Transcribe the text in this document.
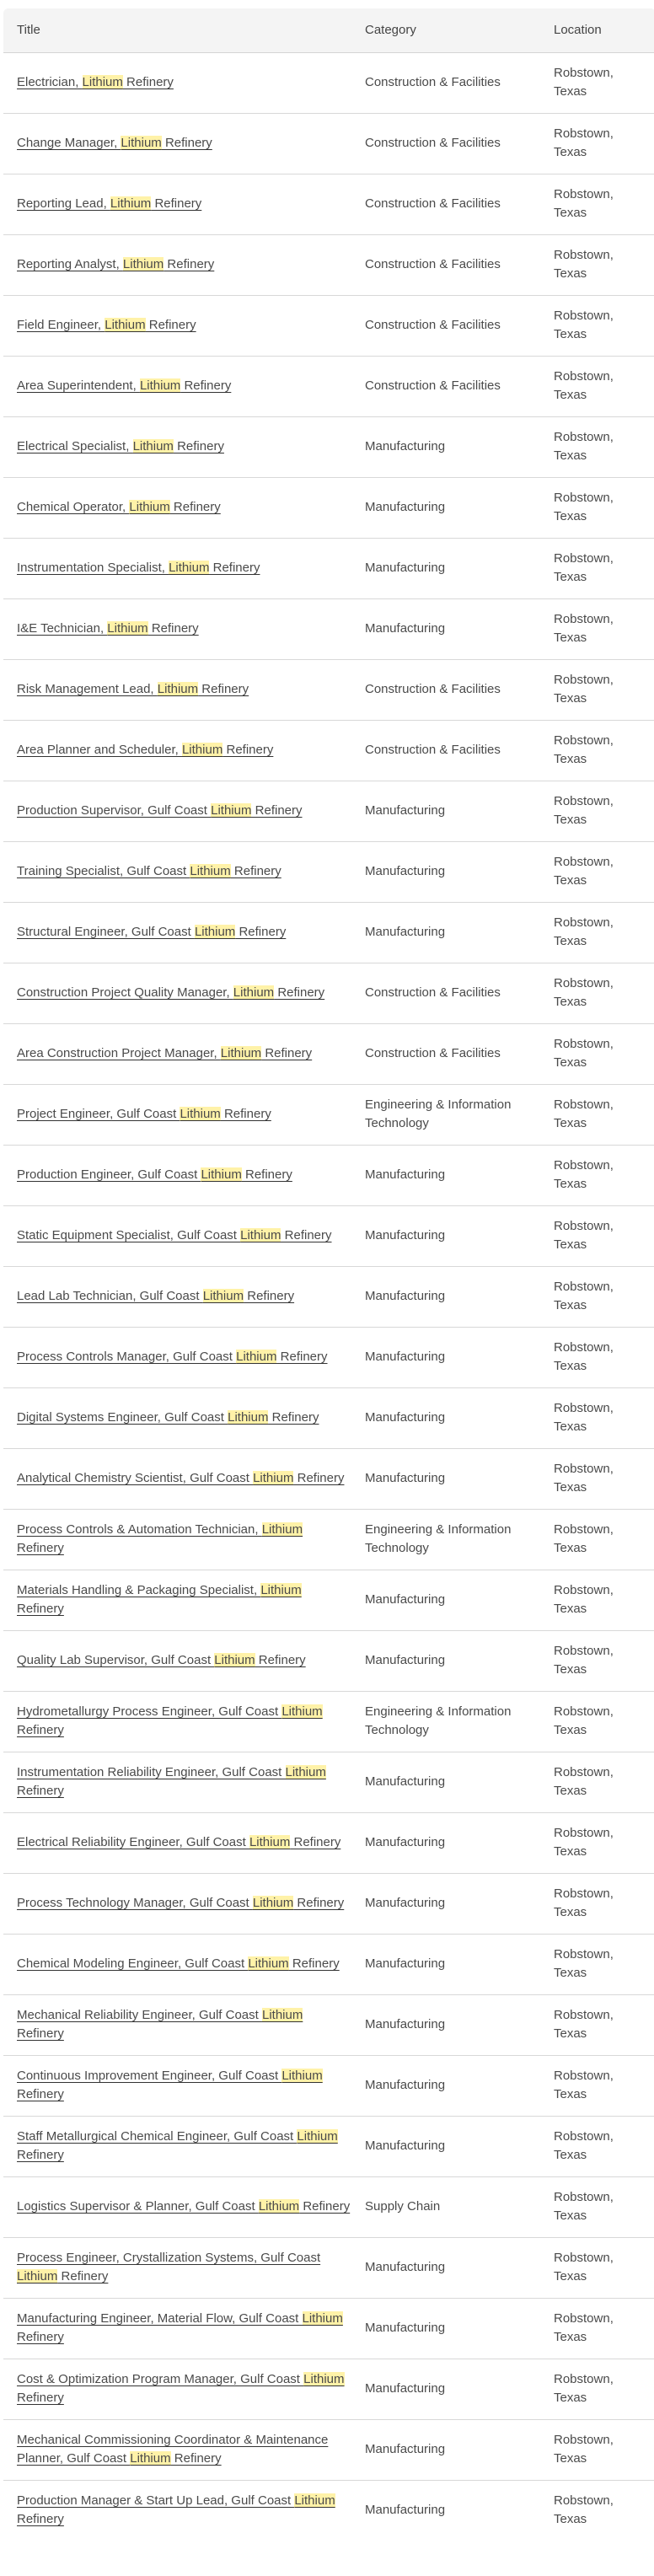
Title	Category	Location
Electrician, Lithium Refinery	Construction & Facilities	Robstown, Texas
Change Manager, Lithium Refinery	Construction & Facilities	Robstown, Texas
Reporting Lead, Lithium Refinery	Construction & Facilities	Robstown, Texas
Reporting Analyst, Lithium Refinery	Construction & Facilities	Robstown, Texas
Field Engineer, Lithium Refinery	Construction & Facilities	Robstown, Texas
Area Superintendent, Lithium Refinery	Construction & Facilities	Robstown, Texas
Electrical Specialist, Lithium Refinery	Manufacturing	Robstown, Texas
Chemical Operator, Lithium Refinery	Manufacturing	Robstown, Texas
Instrumentation Specialist, Lithium Refinery	Manufacturing	Robstown, Texas
I&E Technician, Lithium Refinery	Manufacturing	Robstown, Texas
Risk Management Lead, Lithium Refinery	Construction & Facilities	Robstown, Texas
Area Planner and Scheduler, Lithium Refinery	Construction & Facilities	Robstown, Texas
Production Supervisor, Gulf Coast Lithium Refinery	Manufacturing	Robstown, Texas
Training Specialist, Gulf Coast Lithium Refinery	Manufacturing	Robstown, Texas
Structural Engineer, Gulf Coast Lithium Refinery	Manufacturing	Robstown, Texas
Construction Project Quality Manager, Lithium Refinery	Construction & Facilities	Robstown, Texas
Area Construction Project Manager, Lithium Refinery	Construction & Facilities	Robstown, Texas
Project Engineer, Gulf Coast Lithium Refinery	Engineering & Information Technology	Robstown, Texas
Production Engineer, Gulf Coast Lithium Refinery	Manufacturing	Robstown, Texas
Static Equipment Specialist, Gulf Coast Lithium Refinery	Manufacturing	Robstown, Texas
Lead Lab Technician, Gulf Coast Lithium Refinery	Manufacturing	Robstown, Texas
Process Controls Manager, Gulf Coast Lithium Refinery	Manufacturing	Robstown, Texas
Digital Systems Engineer, Gulf Coast Lithium Refinery	Manufacturing	Robstown, Texas
Analytical Chemistry Scientist, Gulf Coast Lithium Refinery	Manufacturing	Robstown, Texas
Process Controls & Automation Technician, Lithium Refinery	Engineering & Information Technology	Robstown, Texas
Materials Handling & Packaging Specialist, Lithium Refinery	Manufacturing	Robstown, Texas
Quality Lab Supervisor, Gulf Coast Lithium Refinery	Manufacturing	Robstown, Texas
Hydrometallurgy Process Engineer, Gulf Coast Lithium Refinery	Engineering & Information Technology	Robstown, Texas
Instrumentation Reliability Engineer, Gulf Coast Lithium Refinery	Manufacturing	Robstown, Texas
Electrical Reliability Engineer, Gulf Coast Lithium Refinery	Manufacturing	Robstown, Texas
Process Technology Manager, Gulf Coast Lithium Refinery	Manufacturing	Robstown, Texas
Chemical Modeling Engineer, Gulf Coast Lithium Refinery	Manufacturing	Robstown, Texas
Mechanical Reliability Engineer, Gulf Coast Lithium Refinery	Manufacturing	Robstown, Texas
Continuous Improvement Engineer, Gulf Coast Lithium Refinery	Manufacturing	Robstown, Texas
Staff Metallurgical Chemical Engineer, Gulf Coast Lithium Refinery	Manufacturing	Robstown, Texas
Logistics Supervisor & Planner, Gulf Coast Lithium Refinery	Supply Chain	Robstown, Texas
Process Engineer, Crystallization Systems, Gulf Coast Lithium Refinery	Manufacturing	Robstown, Texas
Manufacturing Engineer, Material Flow, Gulf Coast Lithium Refinery	Manufacturing	Robstown, Texas
Cost & Optimization Program Manager, Gulf Coast Lithium Refinery	Manufacturing	Robstown, Texas
Mechanical Commissioning Coordinator & Maintenance Planner, Gulf Coast Lithium Refinery	Manufacturing	Robstown, Texas
Production Manager & Start Up Lead, Gulf Coast Lithium Refinery	Manufacturing	Robstown, Texas
